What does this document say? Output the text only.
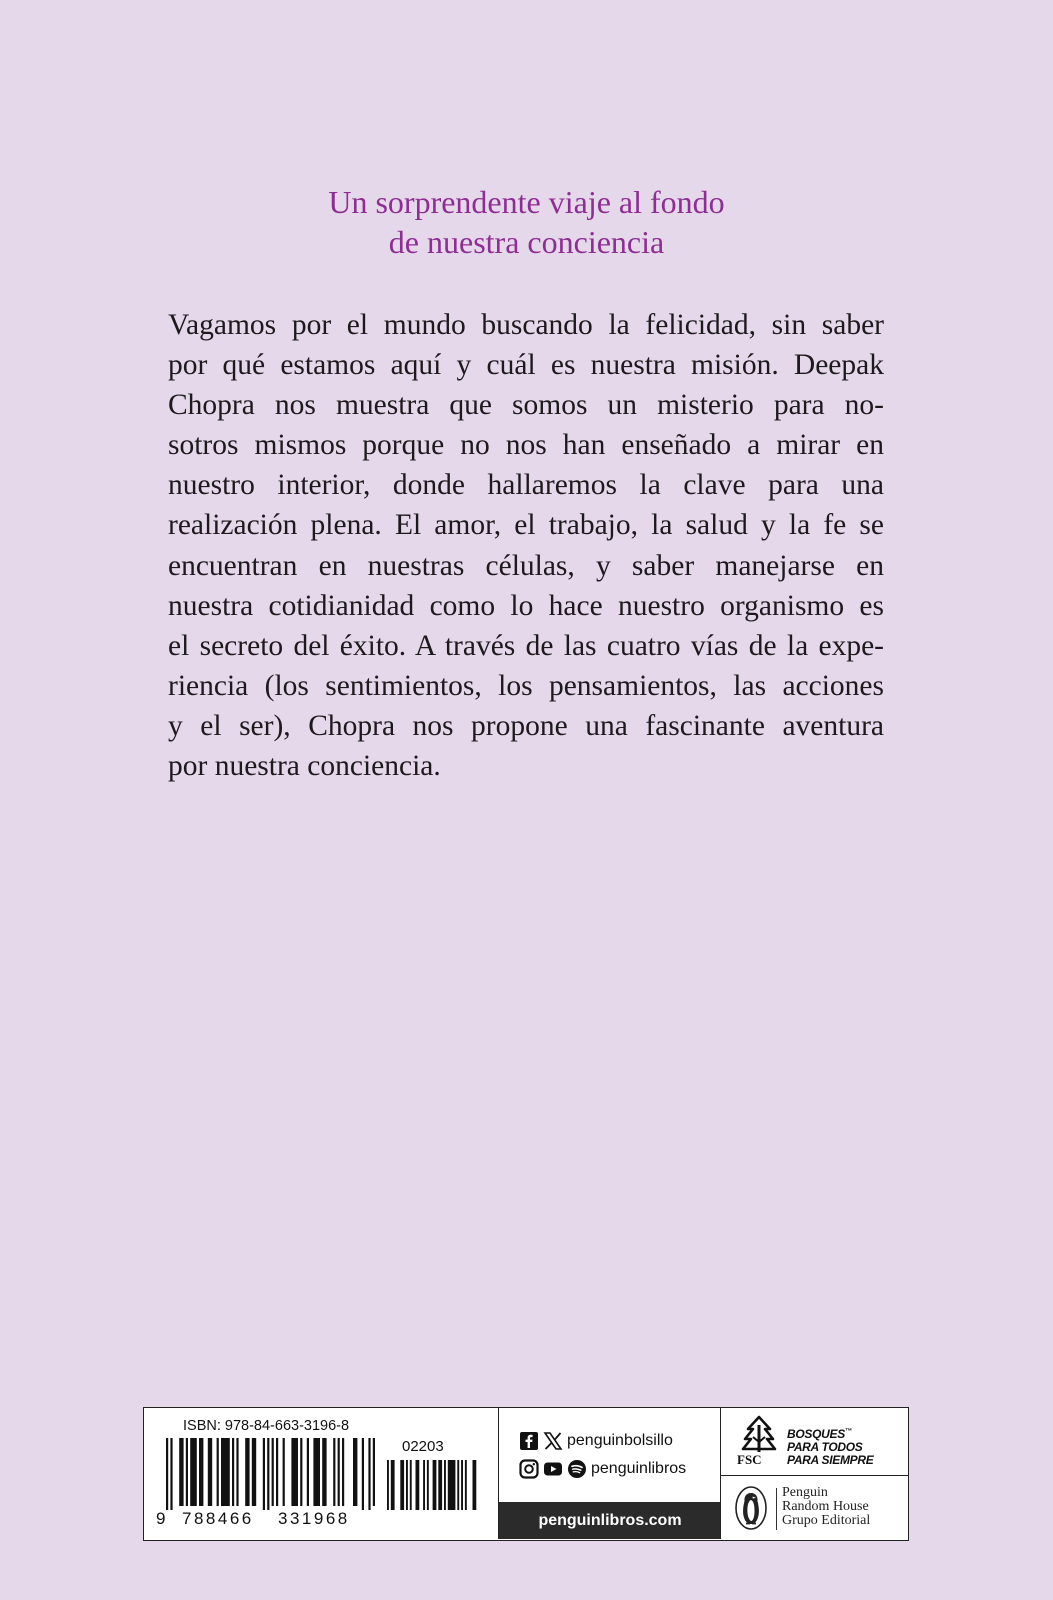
Un sorprendente viaje al fondo
de nuestra conciencia
Vagamos por el mundo buscando la felicidad, sin saber
por qué estamos aquí y cuál es nuestra misión. Deepak
Chopra nos muestra que somos un misterio para no-
sotros mismos porque no nos han enseñado a mirar en
nuestro interior, donde hallaremos la clave para una
realización plena. El amor, el trabajo, la salud y la fe se
encuentran en nuestras células, y saber manejarse en
nuestra cotidianidad como lo hace nuestro organismo es
el secreto del éxito. A través de las cuatro vías de la expe-
riencia (los sentimientos, los pensamientos, las acciones
y el ser), Chopra nos propone una fascinante aventura
por nuestra conciencia.
ISBN: 978-84-663-3196-8
02203
9 788466 331968
penguinbolsillo
penguinlibros
penguinlibros.com
FSC
BOSQUES™
PARA TODOS
PARA SIEMPRE
Penguin
Random House
Grupo Editorial
